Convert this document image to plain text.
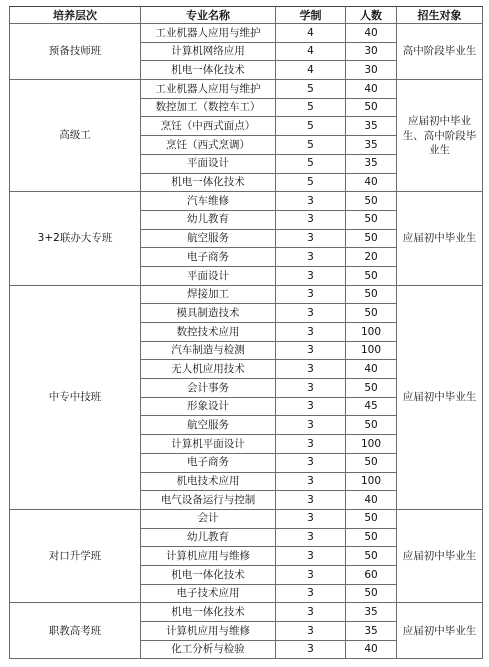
培养层次	专业名称	学制	人数	招生对象
预备技师班	工业机器人应用与维护	4	40	高中阶段毕业生
	计算机网络应用	4	30	
	机电一体化技术	4	30	
高级工	工业机器人应用与维护	5	40	应届初中毕业生、高中阶段毕业生
	数控加工（数控车工）	5	50	
	烹饪（中西式面点）	5	35	
	烹饪（西式烹调）	5	35	
	平面设计	5	35	
	机电一体化技术	5	40	
3+2联办大专班	汽车维修	3	50	应届初中毕业生
	幼儿教育	3	50	
	航空服务	3	50	
	电子商务	3	20	
	平面设计	3	50	
中专中技班	焊接加工	3	50	应届初中毕业生
	模具制造技术	3	50	
	数控技术应用	3	100	
	汽车制造与检测	3	100	
	无人机应用技术	3	40	
	会计事务	3	50	
	形象设计	3	45	
	航空服务	3	50	
	计算机平面设计	3	100	
	电子商务	3	50	
	机电技术应用	3	100	
	电气设备运行与控制	3	40	
对口升学班	会计	3	50	应届初中毕业生
	幼儿教育	3	50	
	计算机应用与维修	3	50	
	机电一体化技术	3	60	
	电子技术应用	3	50	
职教高考班	机电一体化技术	3	35	应届初中毕业生
	计算机应用与维修	3	35	
	化工分析与检验	3	40	
